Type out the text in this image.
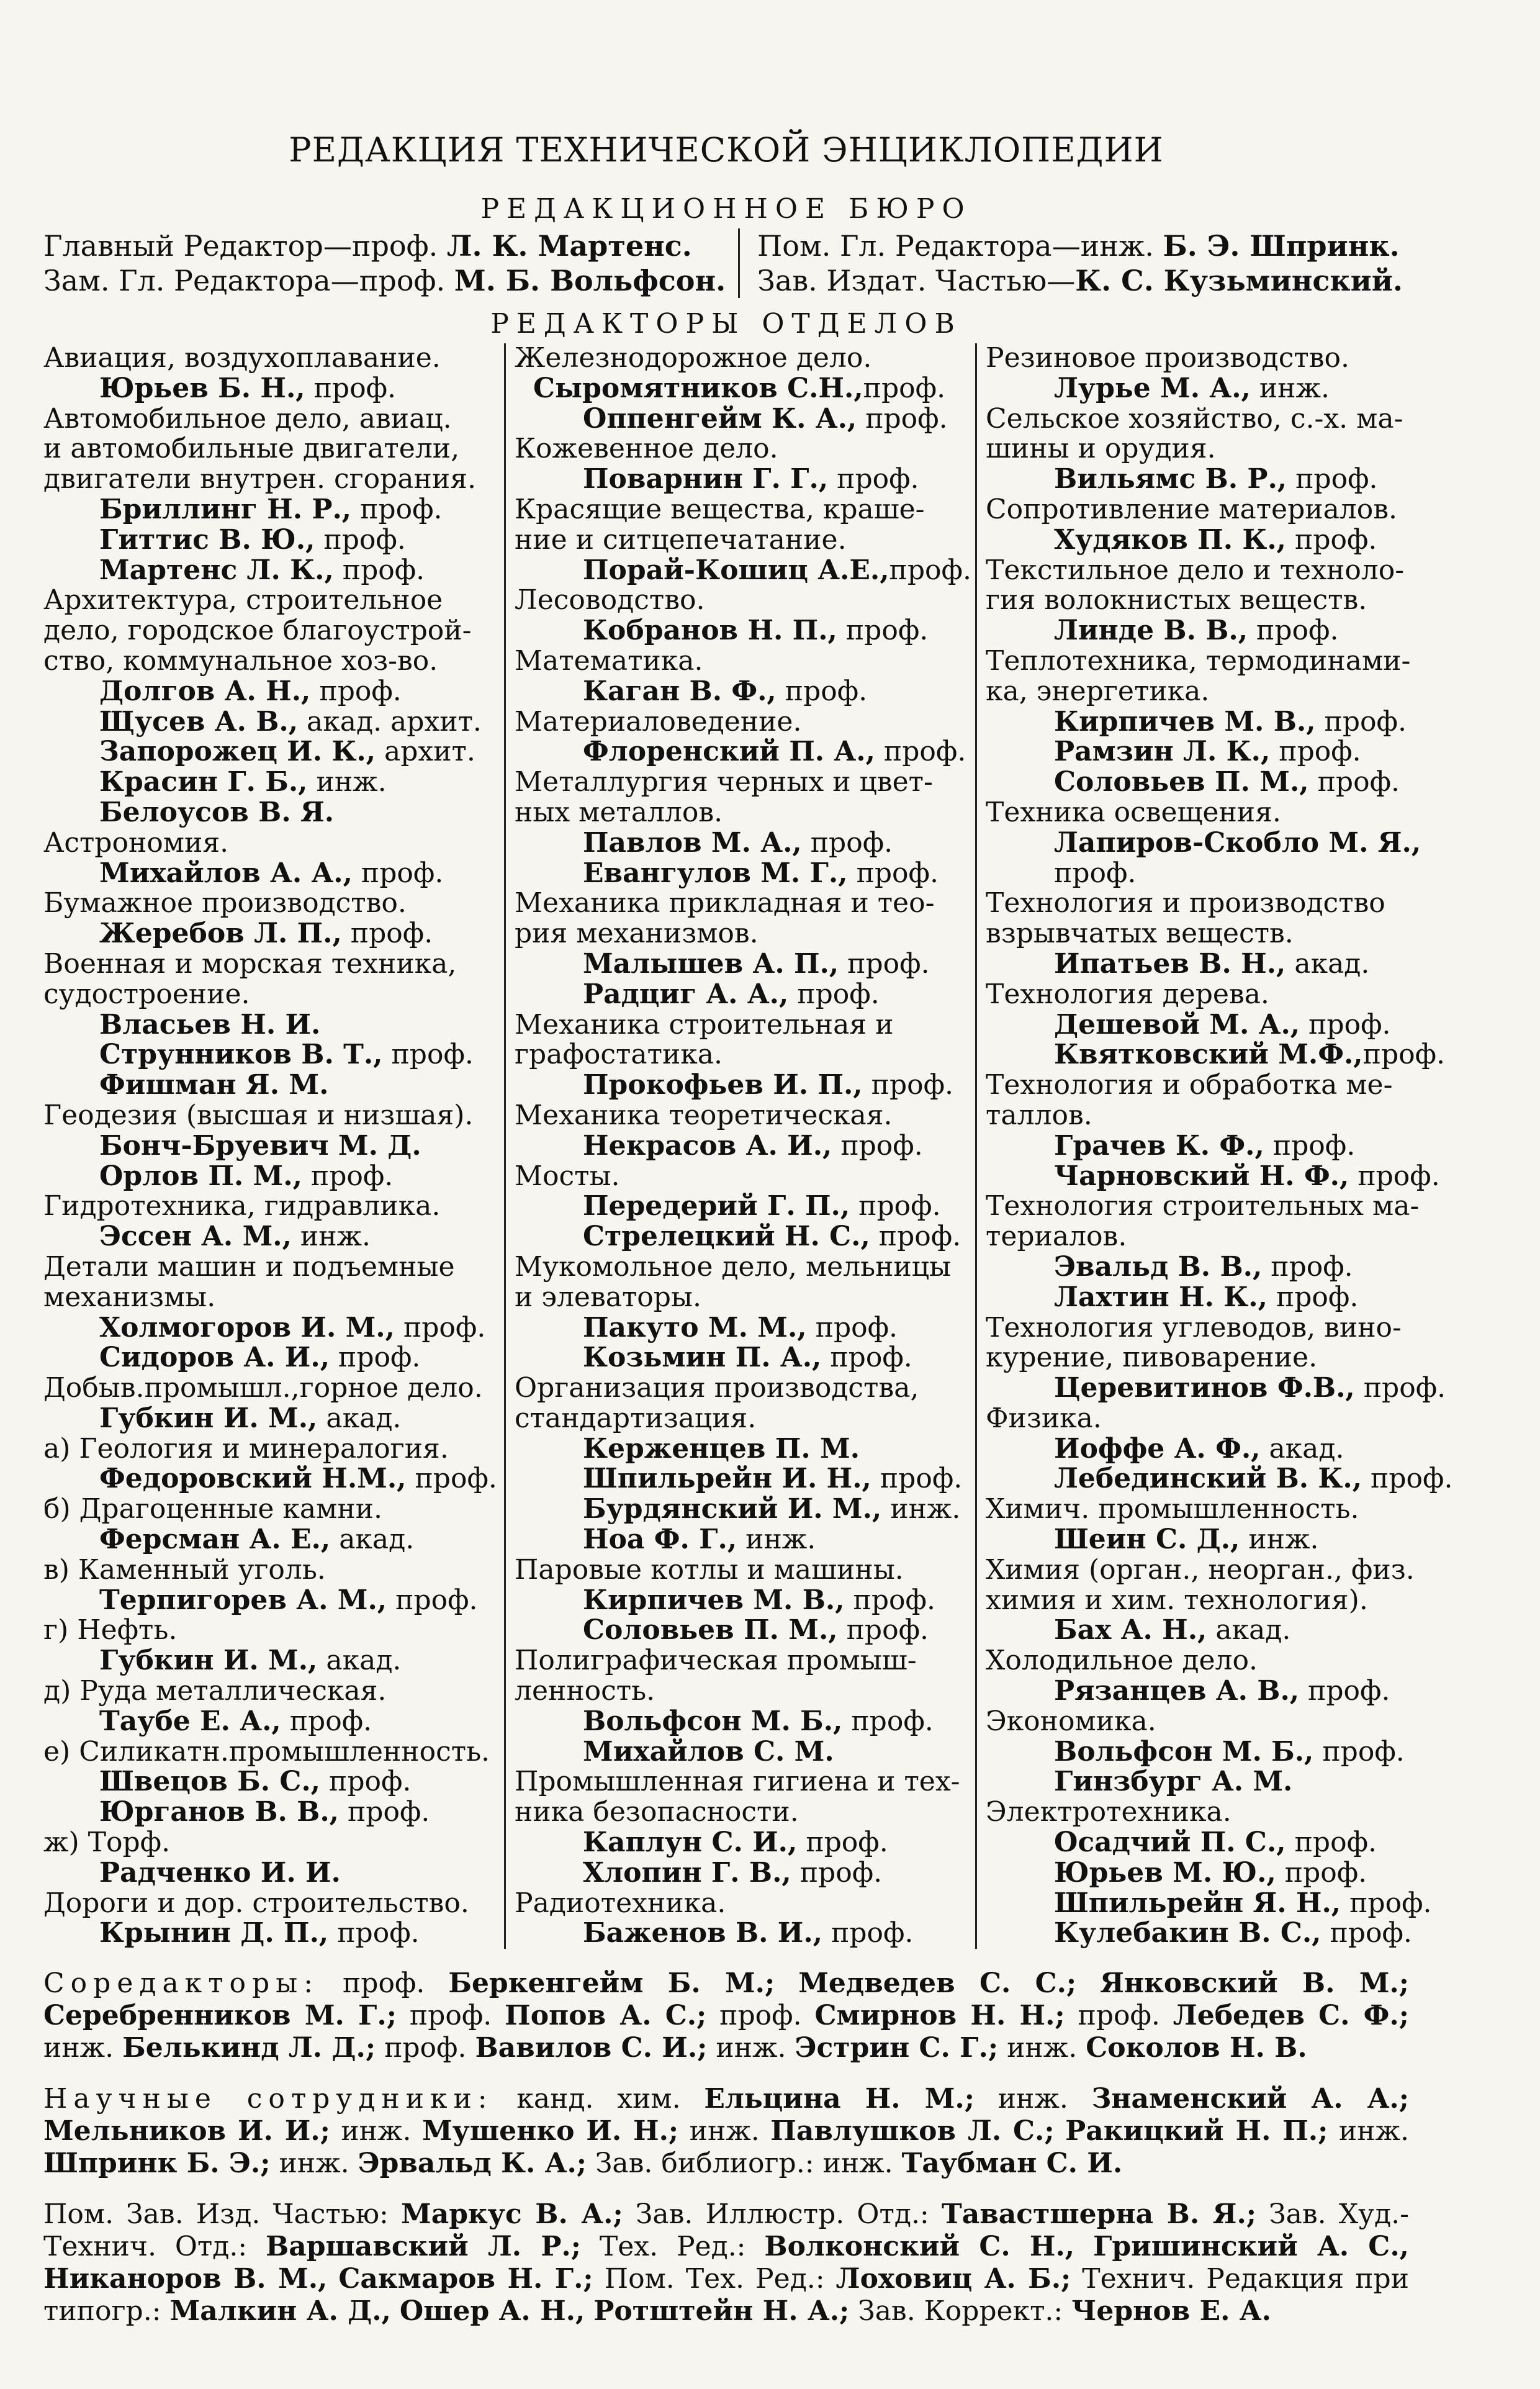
РЕДАКЦИЯ ТЕХНИЧЕСКОЙ ЭНЦИКЛОПЕДИИ
РЕДАКЦИОННОЕ БЮРО
Главный Редактор—проф. Л. К. Мартенс.
Зам. Гл. Редактора—проф. М. Б. Вольфсон.
Пом. Гл. Редактора—инж. Б. Э. Шпринк.
Зав. Издат. Частью—К. С. Кузьминский.
РЕДАКТОРЫ ОТДЕЛОВ
Авиация, воздухоплавание.
Юрьев Б. Н., проф.
Автомобильное дело, авиац.
и автомобильные двигатели,
двигатели внутрен. сгорания.
Бриллинг Н. Р., проф.
Гиттис В. Ю., проф.
Мартенс Л. К., проф.
Архитектура, строительное
дело, городское благоустрой-
ство, коммунальное хоз-во.
Долгов А. Н., проф.
Щусев А. В., акад. архит.
Запорожец И. К., архит.
Красин Г. Б., инж.
Белоусов В. Я.
Астрономия.
Михайлов А. А., проф.
Бумажное производство.
Жеребов Л. П., проф.
Военная и морская техника,
судостроение.
Власьев Н. И.
Струнников В. Т., проф.
Фишман Я. М.
Геодезия (высшая и низшая).
Бонч-Бруевич М. Д.
Орлов П. М., проф.
Гидротехника, гидравлика.
Эссен А. М., инж.
Детали машин и подъемные
механизмы.
Холмогоров И. М., проф.
Сидоров А. И., проф.
Добыв.промышл.,горное дело.
Губкин И. М., акад.
а) Геология и минералогия.
Федоровский Н.М., проф.
б) Драгоценные камни.
Ферсман А. Е., акад.
в) Каменный уголь.
Терпигорев А. М., проф.
г) Нефть.
Губкин И. М., акад.
д) Руда металлическая.
Таубе Е. А., проф.
е) Силикатн.промышленность.
Швецов Б. С., проф.
Юрганов В. В., проф.
ж) Торф.
Радченко И. И.
Дороги и дор. строительство.
Крынин Д. П., проф.
Железнодорожное дело.
Сыромятников С.Н.,проф.
Оппенгейм К. А., проф.
Кожевенное дело.
Поварнин Г. Г., проф.
Красящие вещества, краше-
ние и ситцепечатание.
Порай-Кошиц А.Е.,проф.
Лесоводство.
Кобранов Н. П., проф.
Математика.
Каган В. Ф., проф.
Материаловедение.
Флоренский П. А., проф.
Металлургия черных и цвет-
ных металлов.
Павлов М. А., проф.
Евангулов М. Г., проф.
Механика прикладная и тео-
рия механизмов.
Малышев А. П., проф.
Радциг А. А., проф.
Механика строительная и
графостатика.
Прокофьев И. П., проф.
Механика теоретическая.
Некрасов А. И., проф.
Мосты.
Передерий Г. П., проф.
Стрелецкий Н. С., проф.
Мукомольное дело, мельницы
и элеваторы.
Пакуто М. М., проф.
Козьмин П. А., проф.
Организация производства,
стандартизация.
Керженцев П. М.
Шпильрейн И. Н., проф.
Бурдянский И. М., инж.
Ноа Ф. Г., инж.
Паровые котлы и машины.
Кирпичев М. В., проф.
Соловьев П. М., проф.
Полиграфическая промыш-
ленность.
Вольфсон М. Б., проф.
Михайлов С. М.
Промышленная гигиена и тех-
ника безопасности.
Каплун С. И., проф.
Хлопин Г. В., проф.
Радиотехника.
Баженов В. И., проф.
Резиновое производство.
Лурье М. А., инж.
Сельское хозяйство, с.-х. ма-
шины и орудия.
Вильямс В. Р., проф.
Сопротивление материалов.
Худяков П. К., проф.
Текстильное дело и техноло-
гия волокнистых веществ.
Линде В. В., проф.
Теплотехника, термодинами-
ка, энергетика.
Кирпичев М. В., проф.
Рамзин Л. К., проф.
Соловьев П. М., проф.
Техника освещения.
Лапиров-Скобло М. Я.,
проф.
Технология и производство
взрывчатых веществ.
Ипатьев В. Н., акад.
Технология дерева.
Дешевой М. А., проф.
Квятковский М.Ф.,проф.
Технология и обработка ме-
таллов.
Грачев К. Ф., проф.
Чарновский Н. Ф., проф.
Технология строительных ма-
териалов.
Эвальд В. В., проф.
Лахтин Н. К., проф.
Технология углеводов, вино-
курение, пивоварение.
Церевитинов Ф.В., проф.
Физика.
Иоффе А. Ф., акад.
Лебединский В. К., проф.
Химич. промышленность.
Шеин С. Д., инж.
Химия (орган., неорган., физ.
химия и хим. технология).
Бах А. Н., акад.
Холодильное дело.
Рязанцев А. В., проф.
Экономика.
Вольфсон М. Б., проф.
Гинзбург А. М.
Электротехника.
Осадчий П. С., проф.
Юрьев М. Ю., проф.
Шпильрейн Я. Н., проф.
Кулебакин В. С., проф.
Соредакторы: проф. Беркенгейм Б. М.; Медведев С. С.; Янковский В. М.; Серебренников М. Г.; проф. Попов А. С.; проф. Смирнов Н. Н.; проф. Лебедев С. Ф.; инж. Белькинд Л. Д.; проф. Вавилов С. И.; инж. Эстрин С. Г.; инж. Соколов Н. В.
Научные сотрудники: канд. хим. Ельцина Н. М.; инж. Знаменский А. А.; Мельников И. И.; инж. Мушенко И. Н.; инж. Павлушков Л. С.; Ракицкий Н. П.; инж. Шпринк Б. Э.; инж. Эрвальд К. А.; Зав. библиогр.: инж. Таубман С. И.
Пом. Зав. Изд. Частью: Маркус В. А.; Зав. Иллюстр. Отд.: Тавастшерна В. Я.; Зав. Худ.-Технич. Отд.: Варшавский Л. Р.; Тех. Ред.: Волконский С. Н., Гришинский А. С., Никаноров В. М., Сакмаров Н. Г.; Пом. Тех. Ред.: Лоховиц А. Б.; Технич. Редакция при типогр.: Малкин А. Д., Ошер А. Н., Ротштейн Н. А.; Зав. Коррект.: Чернов Е. А.
